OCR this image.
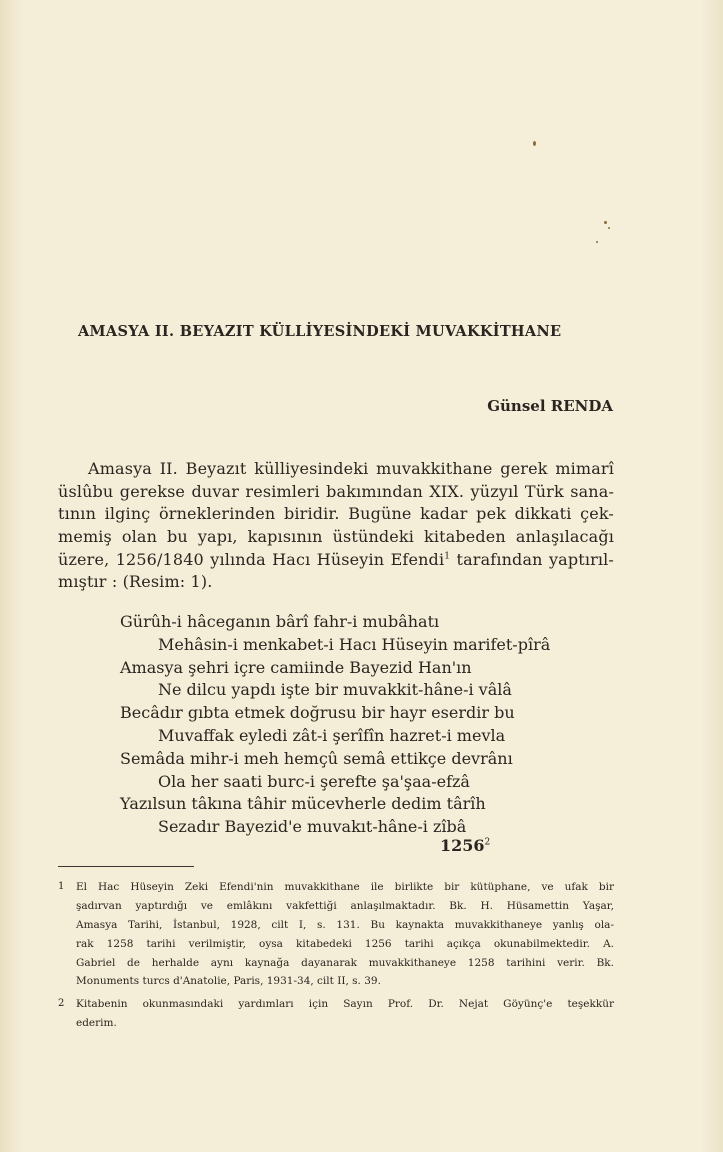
AMASYA II. BEYAZIT KÜLLİYESİNDEKİ MUVAKKİTHANE
Günsel RENDA
Amasya II. Beyazıt külliyesindeki muvakkithane gerek mimarî
üslûbu gerekse duvar resimleri bakımından XIX. yüzyıl Türk sana-
tının ilginç örneklerinden biridir. Bugüne kadar pek dikkati çek-
memiş olan bu yapı, kapısının üstündeki kitabeden anlaşılacağı
üzere, 1256/1840 yılında Hacı Hüseyin Efendi$^1$ tarafından yaptırıl-
mıştır : (Resim: 1).
Gürûh-i hâceganın bârî fahr-i mubâhatı
Mehâsin-i menkabet-i Hacı Hüseyin marifet-pîrâ
Amasya şehri içre camiinde Bayezid Han'ın
Ne dilcu yapdı işte bir muvakkit-hâne-i vâlâ
Becâdır gıbta etmek doğrusu bir hayr eserdir bu
Muvaffak eyledi zât-i şerîfîn hazret-i mevla
Semâda mihr-i meh hemçû semâ ettikçe devrânı
Ola her saati burc-i şerefte şa'şaa-efzâ
Yazılsun tâkına tâhir mücevherle dedim târîh
Sezadır Bayezid'e muvakıt-hâne-i zîbâ
1256$^2$
1 El Hac Hüseyin Zeki Efendi'nin muvakkithane ile birlikte bir kütüphane, ve ufak bir
şadırvan yaptırdığı ve emlâkını vakfettiği anlaşılmaktadır. Bk. H. Hüsamettin Yaşar,
Amasya Tarihi, İstanbul, 1928, cilt I, s. 131. Bu kaynakta muvakkithaneye yanlış ola-
rak 1258 tarihi verilmiştir, oysa kitabedeki 1256 tarihi açıkça okunabilmektedir. A.
Gabriel de herhalde aynı kaynağa dayanarak muvakkithaneye 1258 tarihini verir. Bk.
Monuments turcs d'Anatolie, Paris, 1931-34, cilt II, s. 39.
2 Kitabenin okunmasındaki yardımları için Sayın Prof. Dr. Nejat Göyünç'e teşekkür
ederim.
